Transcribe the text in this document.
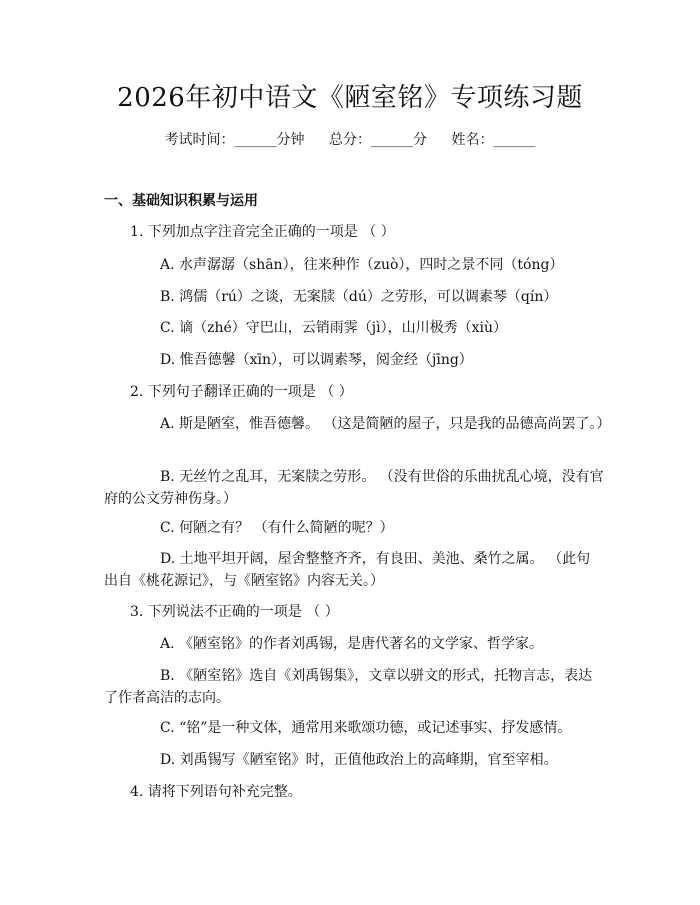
2026年初中语文《陋室铭》专项练习题
考试时间：______分钟 总分：______分 姓名：______
一、基础知识积累与运用
1. 下列加点字注音完全正确的一项是 （ ）
A. 水声潺潺（shān），往来种作（zuò），四时之景不同（tóng）
B. 鸿儒（rú）之谈，无案牍（dú）之劳形，可以调素琴（qín）
C. 谪（zhé）守巴山，云销雨霁（jì），山川极秀（xiù）
D. 惟吾德馨（xīn），可以调素琴，阅金经（jīng）
2. 下列句子翻译正确的一项是 （ ）
A. 斯是陋室，惟吾德馨。 （这是简陋的屋子，只是我的品德高尚罢了。）
B. 无丝竹之乱耳，无案牍之劳形。 （没有世俗的乐曲扰乱心境，没有官府的公文劳神伤身。）
C. 何陋之有？ （有什么简陋的呢？）
D. 土地平坦开阔，屋舍整整齐齐，有良田、美池、桑竹之属。 （此句出自《桃花源记》，与《陋室铭》内容无关。）
3. 下列说法不正确的一项是 （ ）
A. 《陋室铭》的作者刘禹锡，是唐代著名的文学家、哲学家。
B. 《陋室铭》选自《刘禹锡集》，文章以骈文的形式，托物言志，表达了作者高洁的志向。
C. “铭”是一种文体，通常用来歌颂功德，或记述事实、抒发感情。
D. 刘禹锡写《陋室铭》时，正值他政治上的高峰期，官至宰相。
4. 请将下列语句补充完整。
